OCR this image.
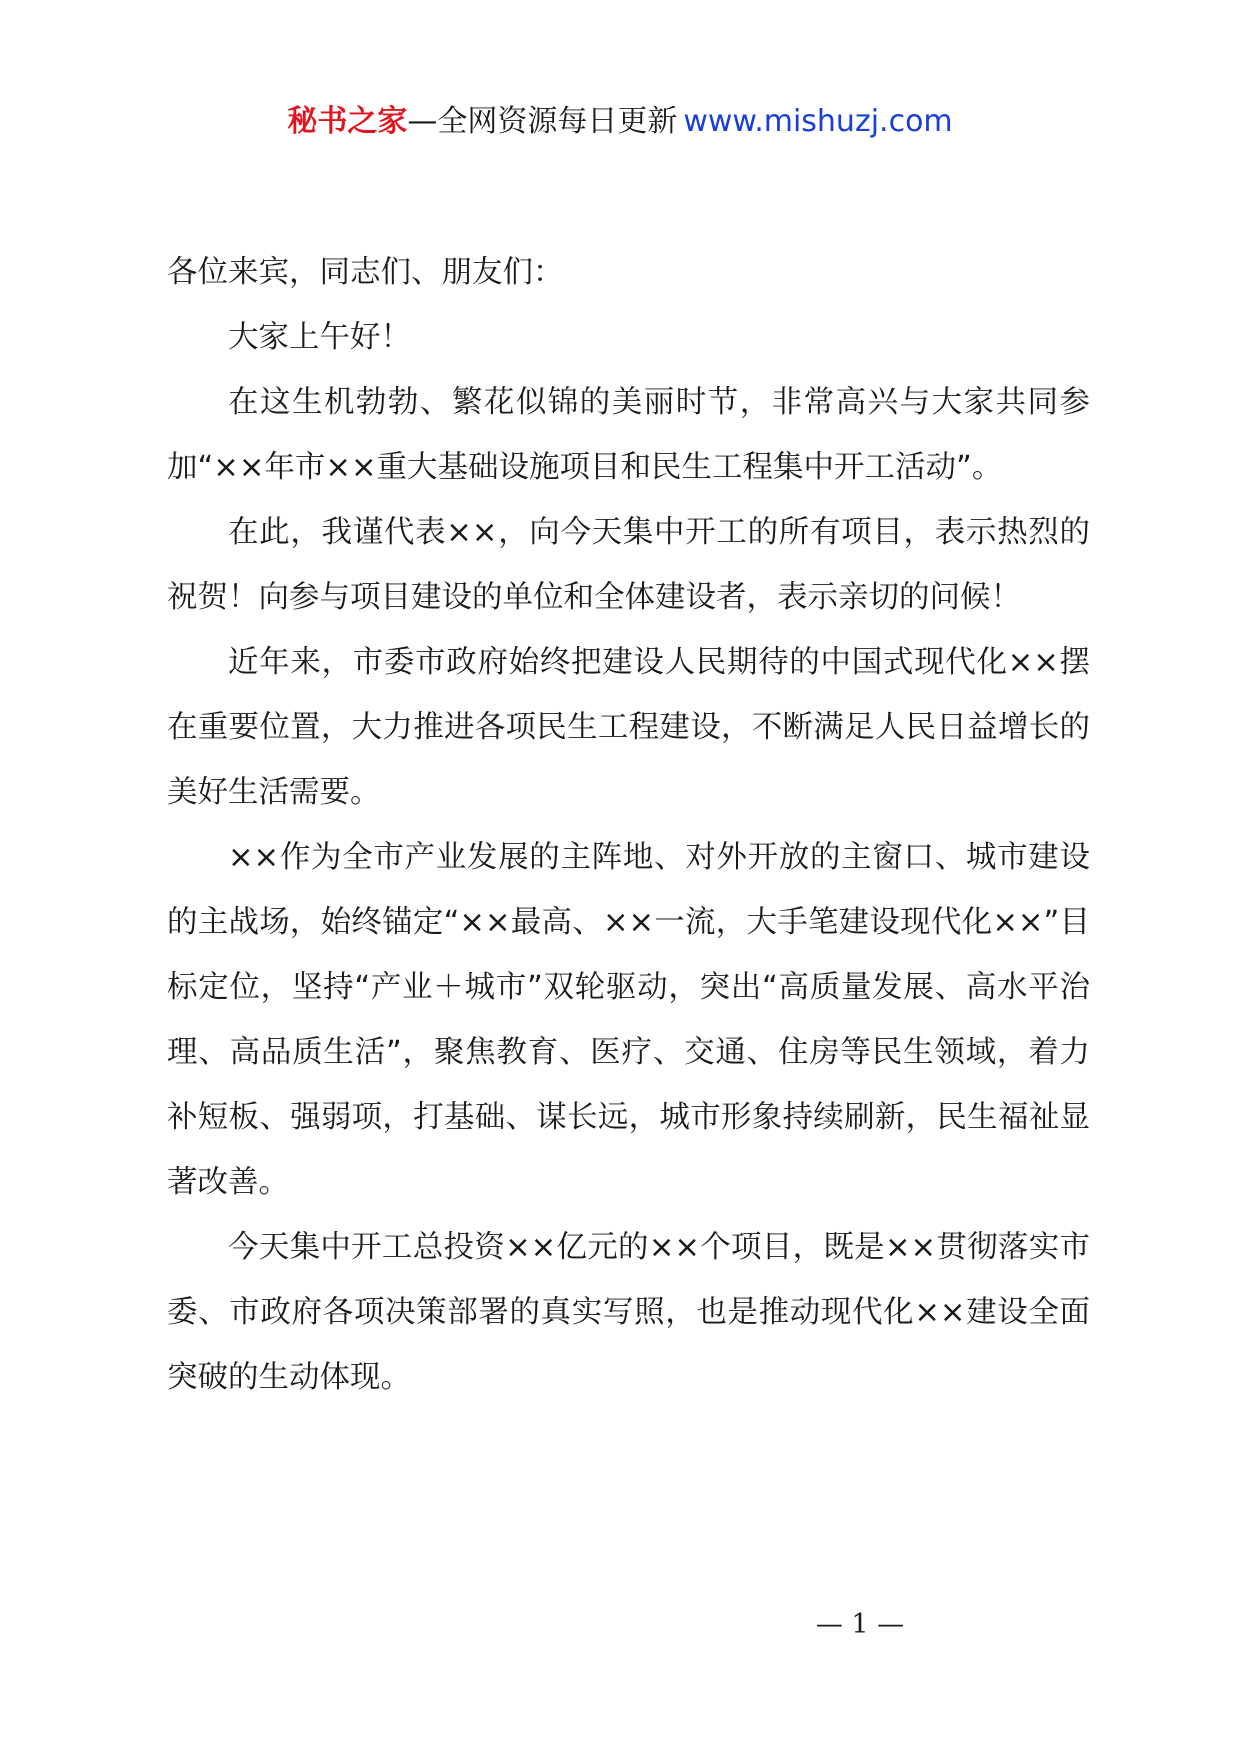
秘书之家—全网资源每日更新 www.mishuzj.com

各位来宾，同志们、朋友们：

大家上午好！

在这生机勃勃、繁花似锦的美丽时节，非常高兴与大家共同参加“××年市××重大基础设施项目和民生工程集中开工活动”。

在此，我谨代表××，向今天集中开工的所有项目，表示热烈的祝贺！向参与项目建设的单位和全体建设者，表示亲切的问候！

近年来，市委市政府始终把建设人民期待的中国式现代化××摆在重要位置，大力推进各项民生工程建设，不断满足人民日益增长的美好生活需要。

××作为全市产业发展的主阵地、对外开放的主窗口、城市建设的主战场，始终锚定“××最高、××一流，大手笔建设现代化××”目标定位，坚持“产业＋城市”双轮驱动，突出“高质量发展、高水平治理、高品质生活”，聚焦教育、医疗、交通、住房等民生领域，着力补短板、强弱项，打基础、谋长远，城市形象持续刷新，民生福祉显著改善。

今天集中开工总投资××亿元的××个项目，既是××贯彻落实市委、市政府各项决策部署的真实写照，也是推动现代化××建设全面突破的生动体现。

— 1 —
